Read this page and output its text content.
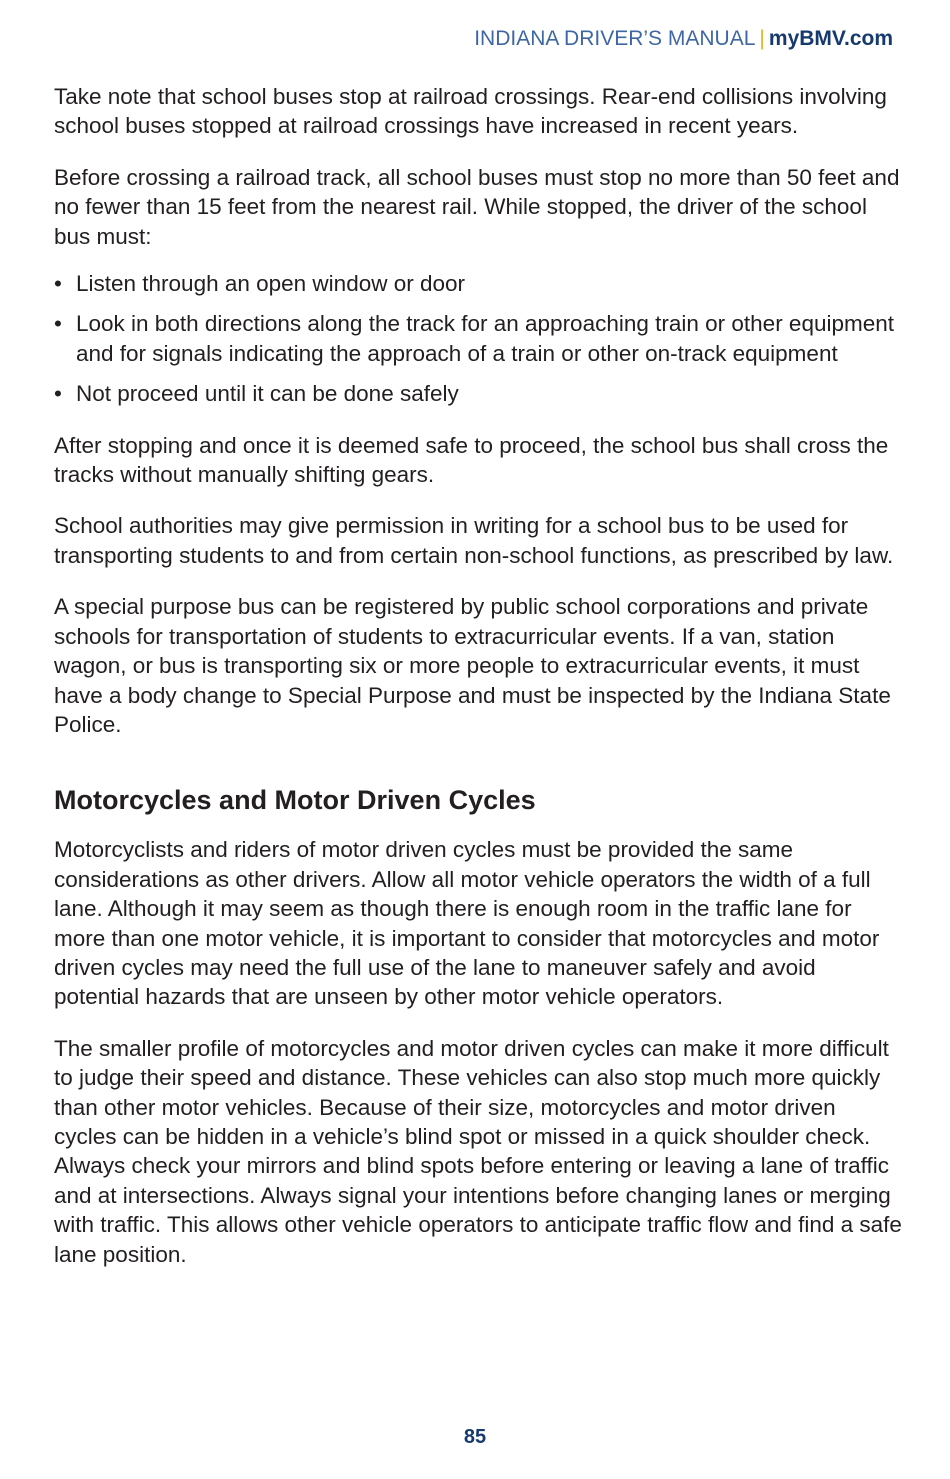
INDIANA DRIVER’S MANUAL | myBMV.com

Take note that school buses stop at railroad crossings. Rear-end collisions involving school buses stopped at railroad crossings have increased in recent years.

Before crossing a railroad track, all school buses must stop no more than 50 feet and no fewer than 15 feet from the nearest rail. While stopped, the driver of the school bus must:

• Listen through an open window or door
• Look in both directions along the track for an approaching train or other equipment and for signals indicating the approach of a train or other on-track equipment
• Not proceed until it can be done safely

After stopping and once it is deemed safe to proceed, the school bus shall cross the tracks without manually shifting gears.

School authorities may give permission in writing for a school bus to be used for transporting students to and from certain non-school functions, as prescribed by law.

A special purpose bus can be registered by public school corporations and private schools for transportation of students to extracurricular events. If a van, station wagon, or bus is transporting six or more people to extracurricular events, it must have a body change to Special Purpose and must be inspected by the Indiana State Police.

Motorcycles and Motor Driven Cycles

Motorcyclists and riders of motor driven cycles must be provided the same considerations as other drivers. Allow all motor vehicle operators the width of a full lane. Although it may seem as though there is enough room in the traffic lane for more than one motor vehicle, it is important to consider that motorcycles and motor driven cycles may need the full use of the lane to maneuver safely and avoid potential hazards that are unseen by other motor vehicle operators.

The smaller profile of motorcycles and motor driven cycles can make it more difficult to judge their speed and distance. These vehicles can also stop much more quickly than other motor vehicles. Because of their size, motorcycles and motor driven cycles can be hidden in a vehicle’s blind spot or missed in a quick shoulder check. Always check your mirrors and blind spots before entering or leaving a lane of traffic and at intersections. Always signal your intentions before changing lanes or merging with traffic. This allows other vehicle operators to anticipate traffic flow and find a safe lane position.

85
